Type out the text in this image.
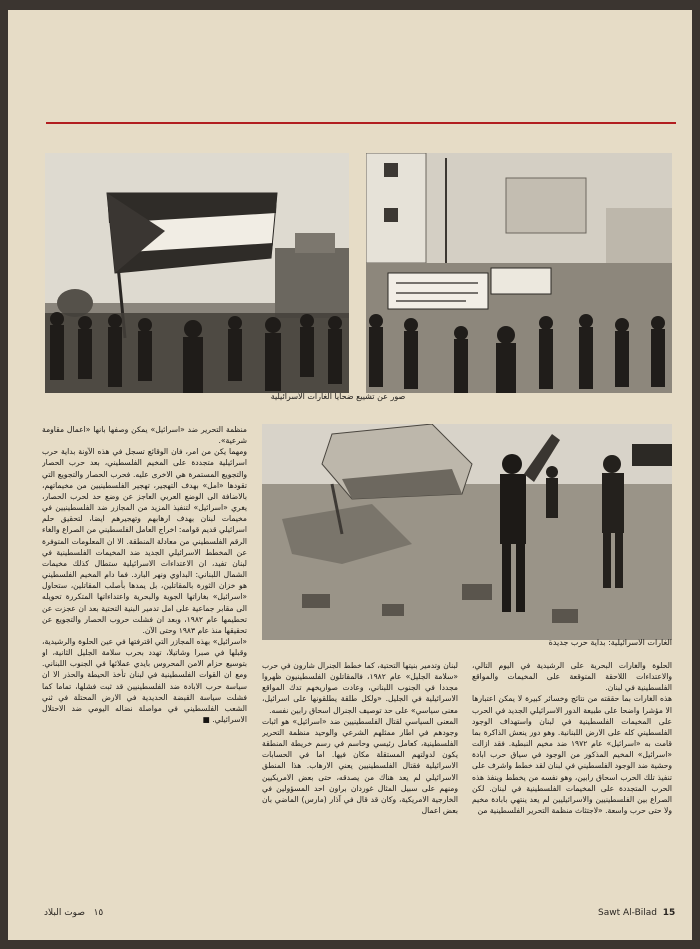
صور عن تشييع ضحايا الغارات الاسرائيلية
الغارات الاسرائيلية: بداية حرب جديدة

منظمة التحرير ضد «اسرائيل» يمكن وصفها بانها «اعمال مقاومة شرعية».

ومهما يكن من امر، فان الوقائع تسجل في هذه الآونة بداية حرب اسرائيلية متجددة على المخيم الفلسطيني، بعد حرب الحصار والتجويع المستمرة هي الاخرى عليه. فحرب الحصار والتجويع التي تقودها «امل» بهدف التهجير، تهجير الفلسطينيين من مخيماتهم، بالاضافة الى الوضع العربي العاجز عن وضع حد لحرب الحصار، يغري «اسرائيل» لتنفيذ المزيد من المجازر ضد الفلسطينيين في مخيمات لبنان بهدف ارهابهم وتهجيرهم ايضا، لتحقيق حلم اسرائيلي قديم قوامه: اخراج العامل الفلسطيني من الصراع والغاء الرقم الفلسطيني من معادلة المنطقة. الا ان المعلومات المتوفرة عن المخطط الاسرائيلي الجديد ضد المخيمات الفلسطينية في لبنان تفيد، ان الاعتداءات الاسرائيلية ستطال كذلك مخيمات الشمال اللبناني: البداوي ونهر البارد. فما دام المخيم الفلسطيني هو خزان الثورة بالمقاتلين، بل يمدها بأصلب المقاتلين، ستحاول «اسرائيل» بغاراتها الجوية والبحرية واعتداءاتها المتكررة تحويله الى مقابر جماعية على امل تدمير البنية التحتية بعد ان عجزت عن تحطيمها عام ١٩٨٢، وبعد ان فشلت حروب الحصار والتجويع عن تحقيقها منذ عام ١٩٨٣ وحتى الآن.

«اسرائيل» بهذه المجازر التي اقترفتها في عين الحلوة والرشيدية، وقبلها في صبرا وشاتيلا، تهدد بحرب سلامة الجليل الثانية، او بتوسيع حزام الامن المحروس بايدي عملائها في الجنوب اللبناني. ومع ان القوات الفلسطينية في لبنان تأخذ الحيطة والحذر الا ان سياسة حرب الابادة ضد الفلسطينيين قد ثبت فشلها، تماما كما فشلت سياسة القبضة الحديدية في الارض المحتلة في ثني الشعب الفلسطيني في مواصلة نضاله اليومي ضد الاحتلال الاسرائيلي. ■

لبنان وتدمير بنيتها التحتية، كما خطط الجنرال شارون في حرب «سلامة الجليل» عام ١٩٨٢، فالمقاتلون الفلسطينيون ظهروا مجددا في الجنوب اللبناني، وعادت صواريخهم تدك المواقع الاسرائيلية في الجليل. «ولكل طلقة يطلقونها على اسرائيل، معنى سياسي» على حد توصيف الجنرال اسحاق رابين نفسه.

المعنى السياسي لقتال الفلسطينيين ضد «اسرائيل» هو اثبات وجودهم في اطار ممثلهم الشرعي والوحيد منظمة التحرير الفلسطينية، كعامل رئيسي وحاسم في رسم خريطة المنطقة يكون لدولتهم المستقلة مكان فيها. اما في الحسابات الاسرائيلية فقتال الفلسطينيين يعني الارهاب. هذا المنطق الاسرائيلي لم يعد هناك من يصدقه، حتى بعض الامريكيين ومنهم على سبيل المثال غوردان براون احد المسؤولين في الخارجية الامريكية، وكان قد قال في آذار (مارس) الماضي بان بعض اعمال

الحلوة والغارات البحرية على الرشيدية في اليوم التالي، والاعتداءات اللاحقة المتوقعة على المخيمات والمواقع الفلسطينية في لبنان.

هذه الغارات بما حققته من نتائج وخسائر كبيرة لا يمكن اعتبارها الا مؤشرا واضحا على طبيعة الدور الاسرائيلي الجديد في الحرب على المخيمات الفلسطينية في لبنان واستهداف الوجود الفلسطيني كله على الارض اللبنانية. وهو دور ينعش الذاكرة بما قامت به «اسرائيل» عام ١٩٧٢ ضد مخيم النبطية. فقد ازالت «اسرائيل» المخيم المذكور من الوجود في سياق حرب ابادة وحشية ضد الوجود الفلسطيني في لبنان لقد خطط واشرف على تنفيذ تلك الحرب اسحاق رابين، وهو نفسه من يخطط وينفذ هذه الحرب المتجددة على المخيمات الفلسطينية في لبنان. لكن الصراع بين الفلسطينيين والاسرائيليين لم يعد ينتهي بابادة مخيم ولا حتى حرب واسعة. «لاجتثاث منظمة التحرير الفلسطينية من

١٥   صوت البلاد	Sawt Al-Bilad 15
